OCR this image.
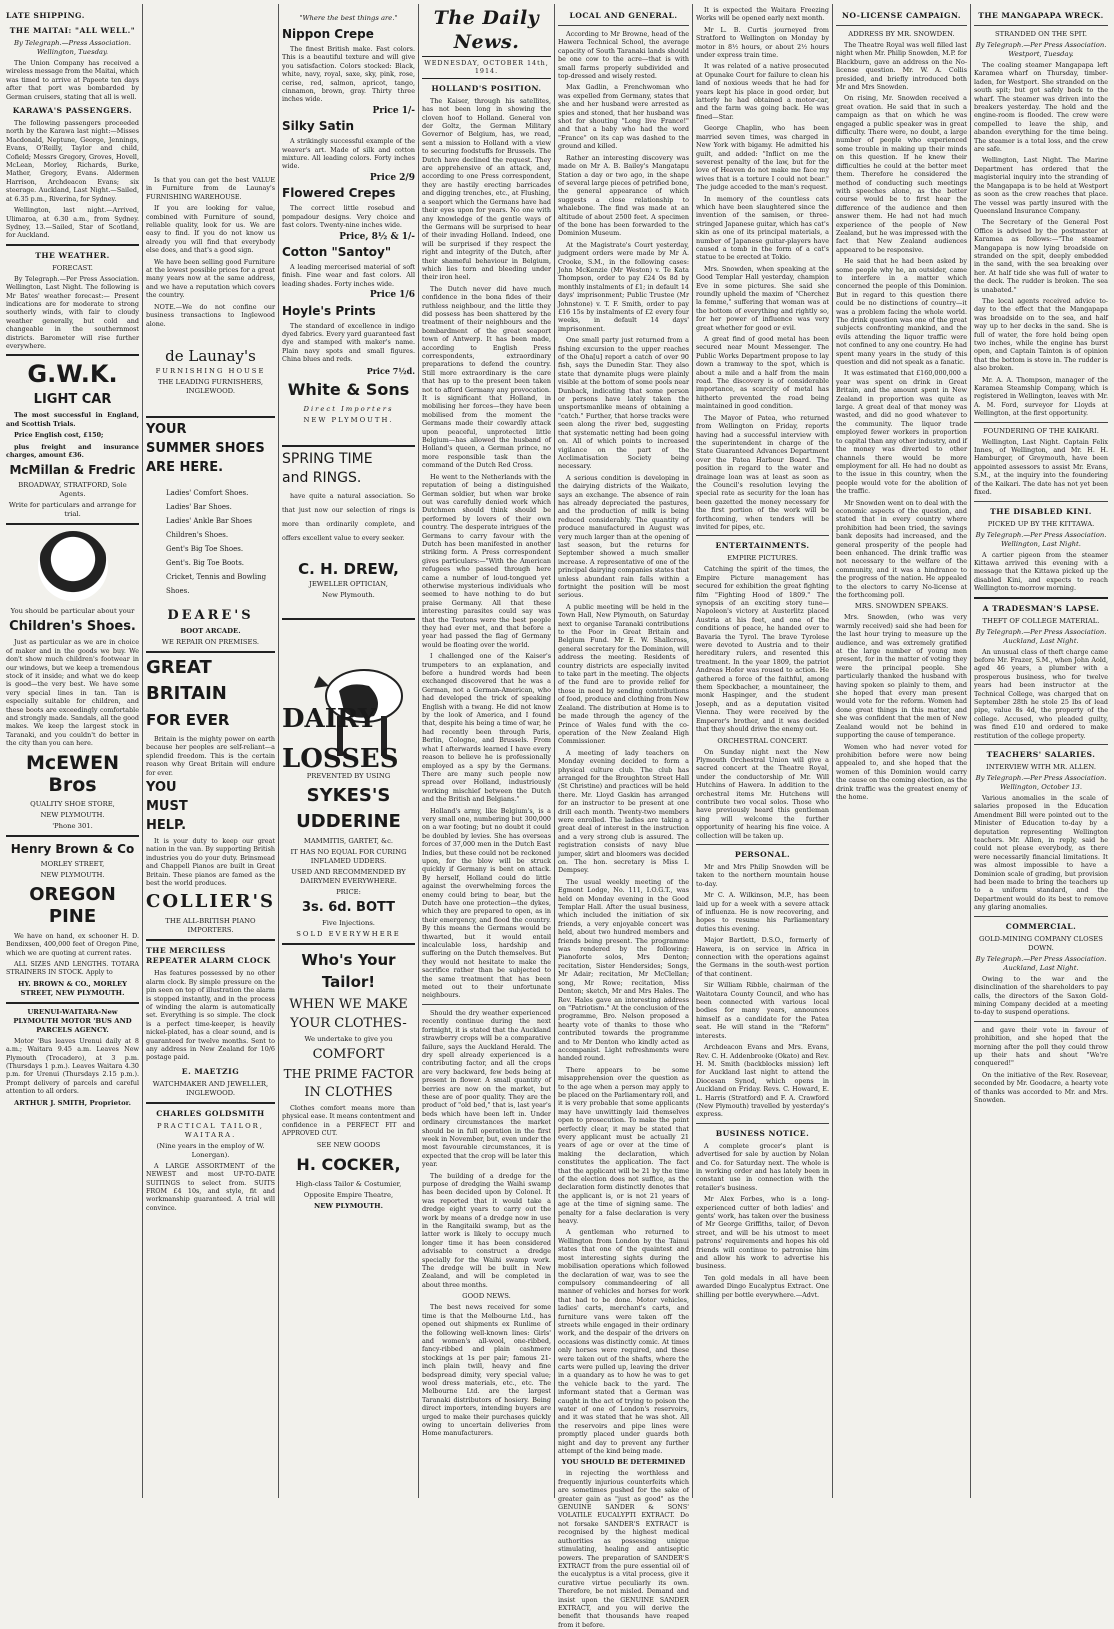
LATE SHIPPING.
THE MAITAI: "ALL WELL."
By Telegraph.—Press Association. Wellington, Tuesday.

The Union Company has received a wireless message from the Maitai, which was timed to arrive at Papeete ten days after that port was bombarded by German cruisers, stating that all is well.

KARAWA'S PASSENGERS.

The following passengers proceeded north by the Karawa last night:—Misses Macdonald, Neptune, George, Jennings, Evans, O'Reilly, Taylor and child, Cofield; Messrs Gregory, Groves, Hovell, McLean, Morley, Richards, Burke, Mather, Gregory, Evans. Aldermen Harrison, Archdeacon Evans; six steerage. Auckland, Last Night.—Sailed, at 6.35 p.m., Riverina, for Sydney.

Wellington, last night.—Arrived, Ulimaroa, at 6.30 a.m., from Sydney. Sydney, 13.—Sailed, Star of Scotland, for Auckland.

THE WEATHER.
FORECAST.

By Telegraph.—Per Press Association. Wellington, Last Night. The following is Mr Bates' weather forecast:— Present indications are for moderate to strong southerly winds, with fair to cloudy weather generally, but cold and changeable in the southernmost districts. Barometer will rise further everywhere.

G.W.K.
LIGHT CAR

The most successful in England, and Scottish Trials.

Price English cost, £150;

plus freight and insurance charges, amount £36.

McMillan & Fredric
BROADWAY, STRATFORD, Sole Agents.
Write for particulars and arrange for trial.
You should be particular about your
Children's Shoes.

Just as particular as we are in choice of maker and in the goods we buy. We don't show much children's footwear in our windows, but we keep a tremendous stock of it inside; and what we do keep is good—the very best. We have some very special lines in tan. Tan is especially suitable for children, and these boots are exceedingly comfortable and strongly made. Sandals, all the good makes. We keep the largest stock in Taranaki, and you couldn't do better in the city than you can here.

McEWEN Bros
QUALITY SHOE STORE,
NEW PLYMOUTH.
'Phone 301.
Henry Brown & Co
MORLEY STREET,
NEW PLYMOUTH.
OREGON PINE

We have on hand, ex schooner H. D. Bendixsen, 400,000 feet of Oregon Pine, which we are quoting at current rates.

ALL SIZES AND LENGTHS. TOTARA STRAINERS IN STOCK. Apply to

HY. BROWN & CO., MORLEY STREET, NEW PLYMOUTH.
URENUI-WAITARA-New PLYMOUTH MOTOR 'BUS AND PARCELS AGENCY.

Motor 'Bus leaves Urenui daily at 8 a.m.; Waitara 9.45 a.m. Leaves New Plymouth (Trocadero), at 3 p.m. (Thursdays 1 p.m.). Leaves Waitara 4.30 p.m. for Urenui (Thursdays 2.15 p.m.). Prompt delivery of parcels and careful attention to all orders.

ARTHUR J. SMITH, Proprietor.

Is that you can get the best VALUE in Furniture from de Launay's FURNISHING WAREHOUSE.

If you are looking for value, combined with Furniture of sound, reliable quality, look for us. We are easy to find. If you do not know us already you will find that everybody else does, and that's a good sign.

We have been selling good Furniture at the lowest possible prices for a great many years now at the same address, and we have a reputation which covers the country.

NOTE.—We do not confine our business transactions to Inglewood alone.

de Launay's
FURNISHING HOUSE
THE LEADING FURNISHERS, INGLEWOOD.
YOUR
SUMMER SHOES
ARE HERE.
Ladies' Comfort Shoes.
Ladies' Bar Shoes.
Ladies' Ankle Bar Shoes
Children's Shoes.
Gent's Big Toe Shoes.
Gent's. Big Toe Boots.
Cricket, Tennis and Bowling Shoes.
DEARE'S
BOOT ARCADE.
WE REPAIR ON PREMISES.
GREAT
BRITAIN
FOR EVER

Britain is the mighty power on earth because her peoples are self-reliant—a splendid freedom. This is the certain reason why Great Britain will endure for ever.

YOU
MUST
HELP.

It is your duty to keep our great nation in the van. By supporting British industries you do your duty. Brinsmead and Chappell Pianos are built in Great Britain. These pianos are famed as the best the world produces.

COLLIER'S
THE ALL-BRITISH PIANO IMPORTERS.
THE MERCILESS REPEATER ALARM CLOCK

Has features possessed by no other alarm clock. By simple pressure on the pin seen on top of illustration the alarm is stopped instantly, and in the process of winding the alarm is automatically set. Everything is so simple. The clock is a perfect time-keeper, is heavily nickel-plated, has a clear sound, and is guaranteed for twelve months. Sent to any address in New Zealand for 10/6 postage paid.

E. MAETZIG
WATCHMAKER AND JEWELLER, INGLEWOOD.
CHARLES GOLDSMITH
PRACTICAL TAILOR, WAITARA.
(Nine years in the employ of W. Lonergan).

A LARGE ASSORTMENT of the NEWEST and most UP-TO-DATE SUITINGS to select from. SUITS FROM £4 10s, and style, fit and workmanship guaranteed. A trial will convince.

"Where the best things are."
Nippon Crepe

The finest British make. Fast colors. This is a beautiful texture and will give you satisfaction. Colors stocked: Black, white, navy, royal, saxe, sky, pink, rose, cerise, red, salmon, apricot, tango, cinnamon, brown, gray. Thirty three inches wide.

Price 1/-
Silky Satin

A strikingly successful example of the weaver's art. Made of silk and cotton mixture. All leading colors. Forty inches wide.

Price 2/9
Flowered Crepes

The correct little rosebud and pompadour designs. Very choice and fast colors. Twenty-nine inches wide.

Price, 8½ & 1/-
Cotton "Santoy"

A leading mercerised material of soft finish. Fine wear and fast colors. All leading shades. Forty inches wide.

Price 1/6
Hoyle's Prints

The standard of excellence in indigo dyed fabrics. Every yard guaranteed fast dye and stamped with maker's name. Plain navy spots and small figures. China blues and reds.

Price 7½d.
White & Sons
Direct Importers
NEW PLYMOUTH.
SPRING TIME
and RINGS.

have quite a natural association. So that just now our selection of rings is more than ordinarily complete, and offers excellent value to every seeker.

C. H. DREW,
JEWELLER OPTICIAN,
New Plymouth.
DAIRY
LOSSES
PREVENTED BY USING
SYKES'S
UDDERINE
MAMMITIS, GARTET, &c.
IT HAS NO EQUAL FOR CURING INFLAMED UDDERS.
USED AND RECOMMENDED BY DAIRYMEN EVERYWHERE.
PRICE:
3s. 6d. BOTT
Five Injections.
SOLD EVERYWHERE
Who's Your Tailor!
WHEN WE MAKE
YOUR CLOTHES-
We undertake to give you
COMFORT
THE PRIME FACTOR
IN CLOTHES

Clothes comfort means more than physical ease. It means contentment and confidence in a PERFECT FIT and APPROVED CUT.

SEE NEW GOODS
H. COCKER,
High-class Tailor & Costumier,
Opposite Empire Theatre,
NEW PLYMOUTH.
The Daily News.
WEDNESDAY, OCTOBER 14th, 1914.
HOLLAND'S POSITION.

The Kaiser, through his satellites, has not been long in showing the cloven hoof to Holland. General von der Goltz, the German Military Governor of Belgium, has, we read, sent a mission to Holland with a view to securing foodstuffs for Brussels. The Dutch have declined the request. They are apprehensive of an attack, and, according to one Press correspondent, they are hastily erecting barricades and digging trenches, etc., at Flushing, a seaport which the Germans have had their eyes upon for years. No one with any knowledge of the gentle ways of the Germans will be surprised to hear of their invading Holland. Indeed, one will be surprised if they respect the right and integrity of the Dutch, after their shameful behaviour in Belgium, which lies torn and bleeding under their iron heel.

The Dutch never did have much confidence in the bona fides of their ruthless neighbour, and the little they did possess has been shattered by the treatment of their neighbours and the bombardment of the great seaport town of Antwerp. It has been made, according to English Press correspondents, extraordinary preparations to defend the country. Still more extraordinary is the care that has up to the present been taken not to afford Germany any provocation. It is significant that Holland, in mobilising her forces—they have been mobilised from the moment the Germans made their cowardly attack upon peaceful, unprotected little Belgium—has allowed the husband of Holland's queen, a German prince, no more responsible task than the command of the Dutch Red Cross.

He went to the Netherlands with the reputation of being a distinguished German soldier, but when war broke out was carefully denied work which Dutchmen should think should be performed by lovers of their own country. The desperate intrigues of the Germans to carry favour with the Dutch has been manifested in another striking form. A Press correspondent gives particulars:—"With the American refugees who passed through here came a number of loud-tongued yet otherwise mysterious individuals who seemed to have nothing to do but praise Germany. All that these interesting parasites could say was that the Teutons were the best people they had ever met, and that before a year had passed the flag of Germany would be floating over the world.

I challenged one of the Kaiser's trumpeters to an explanation, and before a hundred words had been exchanged discovered that he was a German, not a German-American, who had developed the trick of speaking English with a twang. He did not know by the look of America, and I found that, despite his being a time of war, he had recently been through Paris, Berlin, Cologne, and Brussels. From what I afterwards learned I have every reason to believe he is professionally employed as a spy by the Germans. There are many such people now spread over Holland, industriously working mischief between the Dutch and the British and Belgians."

Holland's army, like Belgium's, is a very small one, numbering but 300,000 on a war footing; but no doubt it could be doubled by levies. She has overseas forces of 37,000 men in the Dutch East Indies, but these could not be reckoned upon, for the blow will be struck quickly if Germany is bent on attack. By herself, Holland could do little against the overwhelming forces the enemy could bring to bear, but the Dutch have one protection—the dykes, which they are prepared to open, as in their emergency, and flood the country. By this means the Germans would be thwarted, but it would entail incalculable loss, hardship and suffering on the Dutch themselves. But they would not hesitate to make the sacrifice rather than be subjected to the same treatment that has been meted out to their unfortunate neighbours.

Should the dry weather experienced recently continue during the next fortnight, it is stated that the Auckland strawberry crops will be a comparative failure, says the Auckland Herald. The dry spell already experienced is a contributing factor, and all the crops are very backward, few beds being at present in flower. A small quantity of berries are now on the market, but these are of poor quality. They are the product of "old bed," that is, last year's beds which have been left in. Under ordinary circumstances the market should be in full operation in the first week in November, but, even under the most favourable circumstances, it is expected that the crop will be later this year.

The building of a dredge for the purpose of dredging the Waihi swamp has been decided upon by Colonel. It was reported that it would take a dredge eight years to carry out the work by means of a dredge now in use in the Rangitaiki swamp, but as the latter work is likely to occupy much longer time it has been considered advisable to construct a dredge specially for the Waihi swamp work. The dredge will be built in New Zealand, and will be completed in about three months.

GOOD NEWS.

The best news received for some time is that the Melbourne Ltd., has opened out shipments ex Runlime of the following well-known lines: Girls' and women's all-wool, one-ribbed, fancy-ribbed and plain cashmere stockings at 1s per pair; famous 21-inch plain twill, heavy and fine bedspread dimity, very special value; wool dress materials, etc., etc. The Melbourne Ltd. are the largest Taranaki distributors of hosiery. Being direct importers, intending buyers are urged to make their purchases quickly owing to uncertain deliveries from Home manufacturers.

LOCAL AND GENERAL.

According to Mr Browne, head of the Hawera Technical School, the average capacity of South Taranaki lands should be one cow to the acre—that is with small farms properly subdivided and top-dressed and wisely rested.

Max Gadlin, a Frenchwoman who was expelled from Germany, states that she and her husband were arrested as spies and stoned, that her husband was shot for shouting "Long live France!" and that a baby who had the word "France" on its cap was dashed to the ground and killed.

Rather an interesting discovery was made on Mr A. B. Bailey's Mangatapu Station a day or two ago, in the shape of several large pieces of petrified bone, the general appearance of which suggests a close relationship to whalebone. The find was made at an altitude of about 2500 feet. A specimen of the bone has been forwarded to the Dominion Museum.

At the Magistrate's Court yesterday, judgment orders were made by Mr A. Crooke, S.M., in the following cases: John McKenzie (Mr Weston) v. Te Kata Thompson, order to pay £24 0s 8d by monthly instalments of £1; in default 14 days' imprisonment; Public Trustee (Mr Johnstone) v. T. F. Smith, order to pay £16 15s by instalments of £2 every four weeks, in default 14 days' imprisonment.

One small party just returned from a fishing excursion to the upper reaches of the Oha[u] report a catch of over 90 fish, says the Dunedin Star. They also state that dynamite plugs were plainly visible at the bottom of some pools near Dunback, indicating that some person or persons have lately taken the unsportsmanlike means of obtaining a "catch." Further, that horse tracks were seen along the river bed, suggesting that systematic netting had been going on. All of which points to increased vigilance on the part of the Acclimatisation Society being necessary.

A serious condition is developing in the dairying districts of the Waikato, says an exchange. The absence of rain has already depreciated the pastures, and the production of milk is being reduced considerably. The quantity of produce manufactured in August was very much larger than at the opening of last season, but the returns for September showed a much smaller increase. A representative of one of the principal dairying companies states that unless abundant rain falls within a fortnight the position will be most serious.

A public meeting will be held in the Town Hall, New Plymouth, on Saturday next to organise Taranaki contributions to the Poor in Great Britain and Belgium Fund. Mr E. W. Shallcross, general secretary for the Dominion, will address the meeting. Residents of country districts are especially invited to take part in the meeting. The objects of the fund are to provide relief for those in need by sending contributions of food, produce and clothing from New Zealand. The distribution at Home is to be made through the agency of the Prince of Wales fund with the co-operation of the New Zealand High Commissioner.

A meeting of lady teachers on Monday evening decided to form a physical culture club. The club has arranged for the Broughton Street Hall (St Christine) and practices will be held there. Mr. Lloyd Gaskin has arranged for an instructor to be present at one drill each month. Twenty-two members were enrolled. The ladies are taking a great deal of interest in the instruction and a very strong club is assured. The registration consists of navy blue jumper, skirt and bloomers was decided on. The hon. secretary is Miss I. Dempsey.

The usual weekly meeting of the Egmont Lodge, No. 111, I.O.G.T., was held on Monday evening in the Good Templar Hall. After the usual business, which included the initiation of six friends, a very enjoyable concert was held, about two hundred members and friends being present. The programme was rendered by the following: Pianoforte solos, Mrs Denton; recitation, Sister Hendersides; Songs, Mr Adair; recitation, Mr McClellan; song, Mr Rowe; recitation, Miss Denton; sketch, Mr and Mrs Hales. The Rev. Hales gave an interesting address on "Patriotism." At the conclusion of the programme, Bro. Nelson proposed a hearty vote of thanks to those who contributed towards the programme and to Mr Denton who kindly acted as accompanist. Light refreshments were handed round.

There appears to be some misapprehension over the question as to the age when a person may apply to be placed on the Parliamentary roll, and it is very probable that some applicants may have unwittingly laid themselves open to prosecution. To make the point perfectly clear, it may be stated that every applicant must be actually 21 years of age or over at the time of making the declaration, which constitutes the application. The fact that the applicant will be 21 by the time of the election does not suffice, as the declaration form distinctly denotes that the applicant is, or is not 21 years of age at the time of signing same. The penalty for a false declaration is very heavy.

A gentleman who returned to Wellington from London by the Tainui states that one of the quaintest and most interesting sights during the mobilisation operations which followed the declaration of war, was to see the compulsory commandeering of all manner of vehicles and horses for work that had to be done. Motor vehicles, ladies' carts, merchant's carts, and furniture vans were taken off the streets while engaged in their ordinary work, and the despair of the drivers on occasions was distinctly comic. At times only horses were required, and these were taken out of the shafts, where the carts were pulled up, leaving the driver in a quandary as to how he was to get the vehicle back to the yard. The informant stated that a German was caught in the act of trying to poison the water of one of London's reservoirs, and it was stated that he was shot. All the reservoirs and pipe lines were promptly placed under guards both night and day to prevent any further attempt of the kind being made.

YOU SHOULD BE DETERMINED

in rejecting the worthless and frequently injurious counterfeits which are sometimes pushed for the sake of greater gain as "just as good" as the GENUINE SANDER & SONS' VOLATILE EUCALYPTI EXTRACT. Do not forsake SANDER'S EXTRACT is recognised by the highest medical authorities as possessing unique stimulating, healing and antiseptic powers. The preparation of SANDER'S EXTRACT from the pure essential oil of the eucalyptus is a vital process, give it curative virtue peculiarly its own. Therefore, be not misled. Demand and insist upon the GENUINE SANDER EXTRACT, and you will derive the benefit that thousands have reaped from it before.

It is expected the Waitara Freezing Works will be opened early next month.

Mr L. B. Curtis journeyed from Stratford to Wellington on Monday by motor in 8½ hours, or about 2½ hours under express train time.

It was related of a native prosecuted at Opunake Court for failure to clean his land of noxious weeds that he had for years kept his place in good order, but latterly he had obtained a motor-car, and the farm was going back. He was fined—Star.

George Chaplin, who has been married seven times, was charged in New York with bigamy. He admitted his guilt, and added: "Inflict on me the severest penalty of the law, but for the love of Heaven do not make me face my wives that is a torture I could not bear." The judge acceded to the man's request.

In memory of the countless cats which have been slaughtered since the invention of the samisen, or three-stringed Japanese guitar, which has cat's skin as one of its principal materials, a number of Japanese guitar-players have caused a tomb in the form of a cat's statue to be erected at Tokio.

Mrs. Snowden, when speaking at the Good Templar Hall yesterday, champion Eve in some pictures. She said she roundly upheld the maxim of "Cherchez la femme," suffering that woman was at the bottom of everything and rightly so, for her power of influence was very great whether for good or evil.

A great find of good metal has been secured near Mount Messenger. The Public Works Department propose to lay down a tramway to the spot, which is about a mile and a half from the main road. The discovery is of considerable importance, as scarcity of metal has hitherto prevented the road being maintained in good condition.

The Mayor of Patea, who returned from Wellington on Friday, reports having had a successful interview with the superintendent in charge of the State Guaranteed Advances Department over the Patea Harbour Board. The position in regard to the water and drainage loan was at least as soon as the Council's resolution levying the special rate as security for the loan has been gazetted the money necessary for the first portion of the work will be forthcoming, when tenders will be invited for pipes, etc.

ENTERTAINMENTS.
EMPIRE PICTURES.

Catching the spirit of the times, the Empire Picture management has secured for exhibition the great fighting film "Fighting Hood of 1809." The synopsis of an exciting story tune—Napoleon's victory at Austerlitz placed Austria at his feet, and one of the conditions of peace, he handed over to Bavaria the Tyrol. The brave Tyrolese were devoted to Austria and to their hereditary rulers, and resented this treatment. In the year 1809, the patriot Andreas Hofer was roused to action. He gathered a force of the faithful, among them Speckbacher, a mountaineer, the monk Haspinger, and the student Joseph, and as a deputation visited Vienna. They were received by the Emperor's brother, and it was decided that they should drive the enemy out.

ORCHESTRAL CONCERT.

On Sunday night next the New Plymouth Orchestral Union will give a sacred concert at the Theatre Royal, under the conductorship of Mr. Will Hutchins of Hawera. In addition to the orchestral items Mr. Hutchens will contribute two vocal solos. Those who have previously heard this gentleman sing will welcome the further opportunity of hearing his fine voice. A collection will be taken up.

PERSONAL.

Mr and Mrs Philip Snowden will be taken to the northern mountain house to-day.

Mr C. A. Wilkinson, M.P., has been laid up for a week with a severe attack of influenza. He is now recovering, and hopes to resume his Parliamentary duties this evening.

Major Bartlett, D.S.O., formerly of Hawera, is on service in Africa in connection with the operations against the Germans in the south-west portion of that continent.

Sir William Ribble, chairman of the Waitotara County Council, and who has been connected with various local bodies for many years, announces himself as a candidate for the Patea seat. He will stand in the "Reform" interests.

Archdeacon Evans and Mrs. Evans, Rev. C. H. Addenbrooke (Okato) and Rev. H. M. Smith (backblocks mission) left for Auckland last night to attend the Diocesan Synod, which opens in Auckland on Friday. Revs. C. Howard, E. L. Harris (Stratford) and F. A. Crawford (New Plymouth) travelled by yesterday's express.

BUSINESS NOTICE.

A complete grocer's plant is advertised for sale by auction by Nolan and Co. for Saturday next. The whole is in working order and has lately been in constant use in connection with the retailer's business.

Mr Alex Forbes, who is a long-experienced cutter of both ladies' and gents' work, has taken over the business of Mr George Griffiths, tailor, of Devon street, and will be his utmost to meet patrons' requirements and hopes his old friends will continue to patronise him and allow his work to advertise his business.

Ten gold medals in all have been awarded Dingo Eucalyptus Extract. One shilling per bottle everywhere.—Advt.

NO-LICENSE CAMPAIGN.
ADDRESS BY MR. SNOWDEN.

The Theatre Royal was well filled last night when Mr. Philip Snowden, M.P. for Blackburn, gave an address on the No-license question. Mr. W. A. Collis presided, and briefly introduced both Mr and Mrs Snowden.

On rising, Mr. Snowden received a great ovation. He said that in such a campaign as that on which he was engaged a public speaker was in great difficulty. There were, no doubt, a large number of people who experienced some trouble in making up their minds on this question. If he knew their difficulties he could at the better meet them. Therefore he considered the method of conducting such meetings with speeches alone, as the better course would be to first hear the difference of the audience and then answer them. He had not had much experience of the people of New Zealand, but he was impressed with the fact that New Zealand audiences appeared to be responsive.

He said that he had been asked by some people why he, an outsider, came to interfere in a matter which concerned the people of this Dominion. But in regard to this question there could be no distinctions of country—it was a problem facing the whole world. The drink question was one of the great subjects confronting mankind, and the evils attending the liquor traffic were not confined to any one country. He had spent many years in the study of this question and did not speak as a fanatic.

It was estimated that £160,000,000 a year was spent on drink in Great Britain, and the amount spent in New Zealand in proportion was quite as large. A great deal of that money was wasted, and did no good whatever to the community. The liquor trade employed fewer workers in proportion to capital than any other industry, and if the money was diverted to other channels there would be more employment for all. He had no doubt as to the issue in this country, when the people would vote for the abolition of the traffic.

Mr Snowden went on to deal with the economic aspects of the question, and stated that in every country where prohibition had been tried, the savings bank deposits had increased, and the general prosperity of the people had been enhanced. The drink traffic was not necessary to the welfare of the community, and it was a hindrance to the progress of the nation. He appealed to the electors to carry No-license at the forthcoming poll.

MRS. SNOWDEN SPEAKS.

Mrs. Snowden, (who was very warmly received) said she had been for the last hour trying to measure up the audience, and was extremely gratified at the large number of young men present, for in the matter of voting they were the principal people. She particularly thanked the husband with having spoken so plainly to them, and she hoped that every man present would vote for the reform. Women had done great things in this matter, and she was confident that the men of New Zealand would not be behind in supporting the cause of temperance.

Women who had never voted for prohibition before were now being appealed to, and she hoped that the women of this Dominion would carry the cause on the coming election, as the drink traffic was the greatest enemy of the home.

THE MANGAPAPA WRECK.
STRANDED ON THE SPIT.
By Telegraph.—Per Press Association. Westport, Tuesday.

The coaling steamer Mangapapa left Karamea wharf on Thursday, timber-laden, for Westport. She stranded on the south spit; but got safely back to the wharf. The steamer was driven into the breakers yesterday. The hold and the engine-room is flooded. The crew were compelled to leave the ship, and abandon everything for the time being. The steamer is a total loss, and the crew are safe.

Wellington, Last Night. The Marine Department has ordered that the magisterial inquiry into the stranding of the Mangapapa is to be held at Westport as soon as the crew reaches that place. The vessel was partly insured with the Queensland Insurance Company.

The Secretary of the General Post Office is advised by the postmaster at Karamea as follows:—"The steamer Mangapapa is now lying broadside on stranded on the spit, deeply embedded in the sand, with the sea breaking over her. At half tide she was full of water to the deck. The rudder is broken. The sea is unabated."

The local agents received advice to-day to the effect that the Mangapapa was broadside on to the sea, and half way up to her decks in the sand. She is full of water, the fore hold being open two inches, while the engine has burst open, and Captain Tainton is of opinion that the bottom is stove in. The rudder is also broken.

Mr. A. A. Thompson, manager of the Karamea Steamship Company, which is registered in Wellington, leaves with Mr. A. M. Ford, surveyor for Lloyds at Wellington, at the first opportunity.

FOUNDERING OF THE KAIKARI.

Wellington, Last Night. Captain Felix Innes, of Wellington, and Mr. H. H. Hamburger, of Greymouth, have been appointed assessors to assist Mr. Evans, S.M., at the inquiry into the foundering of the Kaikari. The date has not yet been fixed.

THE DISABLED KINI.
PICKED UP BY THE KITTAWA.
By Telegraph.—Per Press Association. Wellington, Last Night.

A cartier pigeon from the steamer Kittawa arrived this evening with a message that the Kittawa picked up the disabled Kini, and expects to reach Wellington to-morrow morning.

A TRADESMAN'S LAPSE.
THEFT OF COLLEGE MATERIAL.
By Telegraph.—Per Press Association. Auckland, Last Night.

An unusual class of theft charge came before Mr. Frazer, S.M., when John Aold, aged 46 years, a plumber with a prosperous business, who for twelve years had been instructor at the Technical College, was charged that on September 28th he stole 25 lbs of lead pipe, value 8s 4d, the property of the college. Accused, who pleaded guilty, was fined £10 and ordered to make restitution of the college property.

TEACHERS' SALARIES.
INTERVIEW WITH MR. ALLEN.
By Telegraph.—Per Press Association. Wellington, October 13.

Various anomalies in the scale of salaries proposed in the Education Amendment Bill were pointed out to the Minister of Education to-day by a deputation representing Wellington teachers. Mr. Allen, in reply, said he could not please everybody, as there were necessarily financial limitations. It was almost impossible to have a Dominion scale of grading, but provision had been made to bring the teachers up to a uniform standard, and the Department would do its best to remove any glaring anomalies.

COMMERCIAL.
GOLD-MINING COMPANY CLOSES DOWN.
By Telegraph.—Per Press Association. Auckland, Last Night.

Owing to the war and the disinclination of the shareholders to pay calls, the directors of the Saxon Gold-mining Company decided at a meeting to-day to suspend operations.

and gave their vote in favour of prohibition, and she hoped that the morning after the poll they could throw up their hats and shout "We're conquered!"

On the initiative of the Rev. Rosevear, seconded by Mr. Goodacre, a hearty vote of thanks was accorded to Mr. and Mrs. Snowden.
